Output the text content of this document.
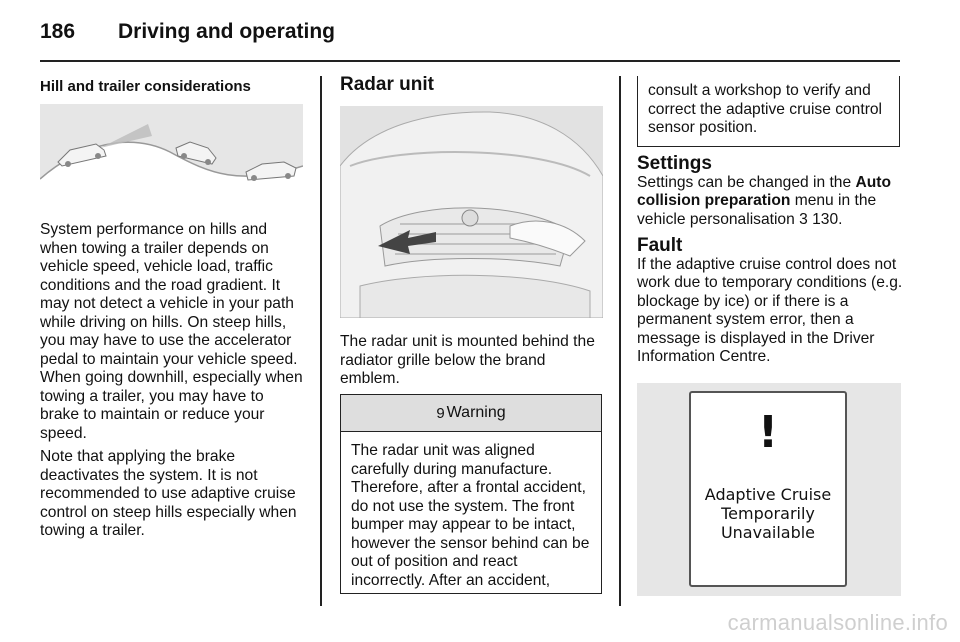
186 Driving and operating
Hill and trailer considerations

System performance on hills and when towing a trailer depends on vehicle speed, vehicle load, traffic conditions and the road gradient. It may not detect a vehicle in your path while driving on hills. On steep hills, you may have to use the accelerator pedal to maintain your vehicle speed. When going downhill, especially when towing a trailer, you may have to brake to maintain or reduce your speed.

Note that applying the brake deactivates the system. It is not recommended to use adaptive cruise control on steep hills especially when towing a trailer.

Radar unit

The radar unit is mounted behind the radiator grille below the brand emblem.

9 Warning
The radar unit was aligned carefully during manufacture. Therefore, after a frontal accident, do not use the system. The front bumper may appear to be intact, however the sensor behind can be out of position and react incorrectly. After an accident,
consult a workshop to verify and correct the adaptive cruise control sensor position.
Settings

Settings can be changed in the Auto collision preparation menu in the vehicle personalisation 3 130.

Fault

If the adaptive cruise control does not work due to temporary conditions (e.g. blockage by ice) or if there is a permanent system error, then a message is displayed in the Driver Information Centre.

!
Adaptive Cruise
Temporarily
Unavailable
carmanualsonline.info
